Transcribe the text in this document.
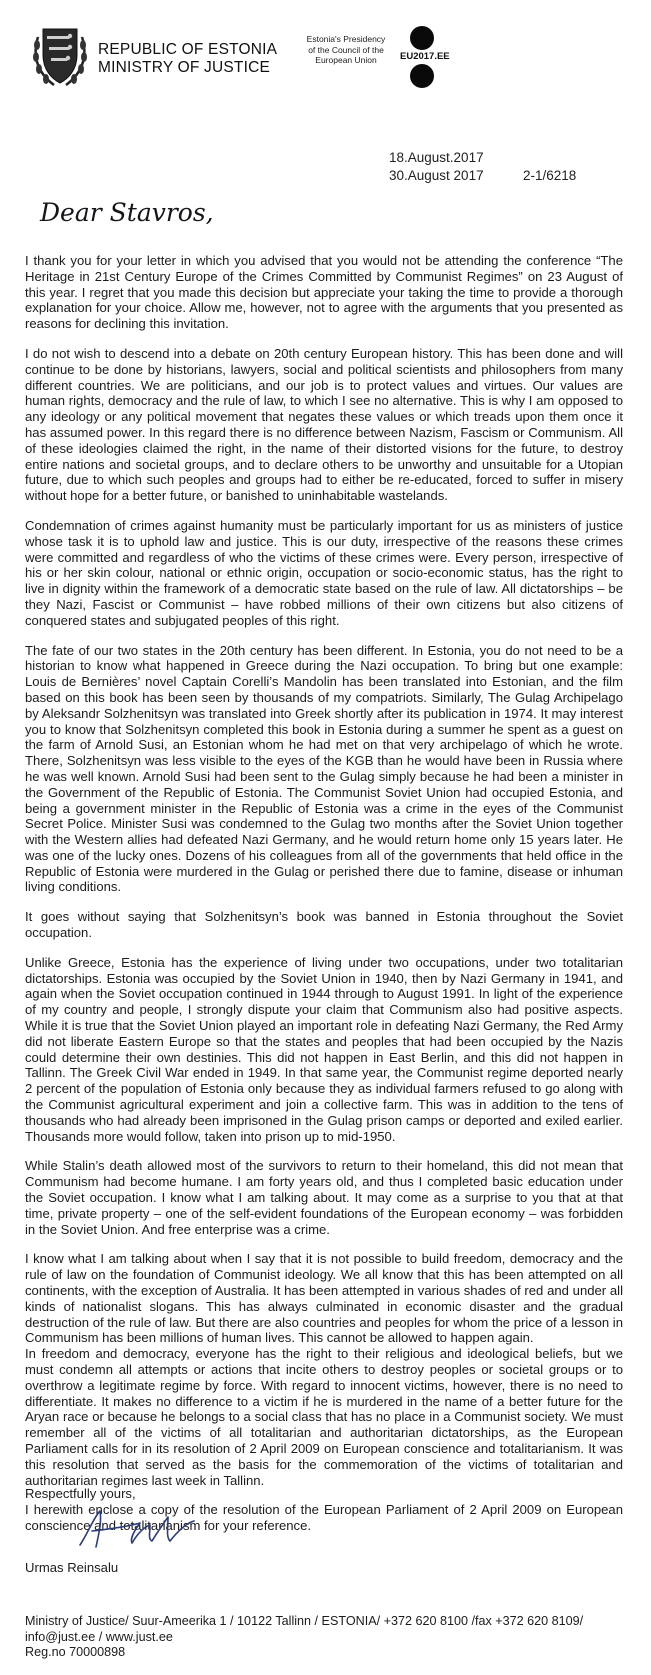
REPUBLIC OF ESTONIA
MINISTRY OF JUSTICE
Estonia's Presidency
of the Council of the
European Union	EU2017.EE
18.August.2017
30.August 2017	2-1/6218
Dear Stavros,

I thank you for your letter in which you advised that you would not be attending the conference “The Heritage in 21st Century Europe of the Crimes Committed by Communist Regimes” on 23 August of this year. I regret that you made this decision but appreciate your taking the time to provide a thorough explanation for your choice. Allow me, however, not to agree with the arguments that you presented as reasons for declining this invitation.

I do not wish to descend into a debate on 20th century European history. This has been done and will continue to be done by historians, lawyers, social and political scientists and philosophers from many different countries. We are politicians, and our job is to protect values and virtues. Our values are human rights, democracy and the rule of law, to which I see no alternative. This is why I am opposed to any ideology or any political movement that negates these values or which treads upon them once it has assumed power. In this regard there is no difference between Nazism, Fascism or Communism. All of these ideologies claimed the right, in the name of their distorted visions for the future, to destroy entire nations and societal groups, and to declare others to be unworthy and unsuitable for a Utopian future, due to which such peoples and groups had to either be re-educated, forced to suffer in misery without hope for a better future, or banished to uninhabitable wastelands.

Condemnation of crimes against humanity must be particularly important for us as ministers of justice whose task it is to uphold law and justice. This is our duty, irrespective of the reasons these crimes were committed and regardless of who the victims of these crimes were. Every person, irrespective of his or her skin colour, national or ethnic origin, occupation or socio-economic status, has the right to live in dignity within the framework of a democratic state based on the rule of law. All dictatorships – be they Nazi, Fascist or Communist – have robbed millions of their own citizens but also citizens of conquered states and subjugated peoples of this right.

The fate of our two states in the 20th century has been different. In Estonia, you do not need to be a historian to know what happened in Greece during the Nazi occupation. To bring but one example: Louis de Bernières’ novel Captain Corelli’s Mandolin has been translated into Estonian, and the film based on this book has been seen by thousands of my compatriots. Similarly, The Gulag Archipelago by Aleksandr Solzhenitsyn was translated into Greek shortly after its publication in 1974. It may interest you to know that Solzhenitsyn completed this book in Estonia during a summer he spent as a guest on the farm of Arnold Susi, an Estonian whom he had met on that very archipelago of which he wrote. There, Solzhenitsyn was less visible to the eyes of the KGB than he would have been in Russia where he was well known. Arnold Susi had been sent to the Gulag simply because he had been a minister in the Government of the Republic of Estonia. The Communist Soviet Union had occupied Estonia, and being a government minister in the Republic of Estonia was a crime in the eyes of the Communist Secret Police. Minister Susi was condemned to the Gulag two months after the Soviet Union together with the Western allies had defeated Nazi Germany, and he would return home only 15 years later. He was one of the lucky ones. Dozens of his colleagues from all of the governments that held office in the Republic of Estonia were murdered in the Gulag or perished there due to famine, disease or inhuman living conditions.

It goes without saying that Solzhenitsyn’s book was banned in Estonia throughout the Soviet occupation.

Unlike Greece, Estonia has the experience of living under two occupations, under two totalitarian dictatorships. Estonia was occupied by the Soviet Union in 1940, then by Nazi Germany in 1941, and again when the Soviet occupation continued in 1944 through to August 1991. In light of the experience of my country and people, I strongly dispute your claim that Communism also had positive aspects. While it is true that the Soviet Union played an important role in defeating Nazi Germany, the Red Army did not liberate Eastern Europe so that the states and peoples that had been occupied by the Nazis could determine their own destinies. This did not happen in East Berlin, and this did not happen in Tallinn. The Greek Civil War ended in 1949. In that same year, the Communist regime deported nearly 2 percent of the population of Estonia only because they as individual farmers refused to go along with the Communist agricultural experiment and join a collective farm. This was in addition to the tens of thousands who had already been imprisoned in the Gulag prison camps or deported and exiled earlier. Thousands more would follow, taken into prison up to mid-1950.

While Stalin’s death allowed most of the survivors to return to their homeland, this did not mean that Communism had become humane. I am forty years old, and thus I completed basic education under the Soviet occupation. I know what I am talking about. It may come as a surprise to you that at that time, private property – one of the self-evident foundations of the European economy – was forbidden in the Soviet Union. And free enterprise was a crime.

I know what I am talking about when I say that it is not possible to build freedom, democracy and the rule of law on the foundation of Communist ideology. We all know that this has been attempted on all continents, with the exception of Australia. It has been attempted in various shades of red and under all kinds of nationalist slogans. This has always culminated in economic disaster and the gradual destruction of the rule of law. But there are also countries and peoples for whom the price of a lesson in Communism has been millions of human lives. This cannot be allowed to happen again.

In freedom and democracy, everyone has the right to their religious and ideological beliefs, but we must condemn all attempts or actions that incite others to destroy peoples or societal groups or to overthrow a legitimate regime by force. With regard to innocent victims, however, there is no need to differentiate. It makes no difference to a victim if he is murdered in the name of a better future for the Aryan race or because he belongs to a social class that has no place in a Communist society. We must remember all of the victims of all totalitarian and authoritarian dictatorships, as the European Parliament calls for in its resolution of 2 April 2009 on European conscience and totalitarianism. It was this resolution that served as the basis for the commemoration of the victims of totalitarian and authoritarian regimes last week in Tallinn.

I herewith enclose a copy of the resolution of the European Parliament of 2 April 2009 on European conscience and totalitarianism for your reference.

Respectfully yours,
Urmas Reinsalu
Ministry of Justice/ Suur-Ameerika 1 / 10122 Tallinn / ESTONIA/ +372 620 8100 /fax +372 620 8109/
info@just.ee / www.just.ee
Reg.no 70000898
